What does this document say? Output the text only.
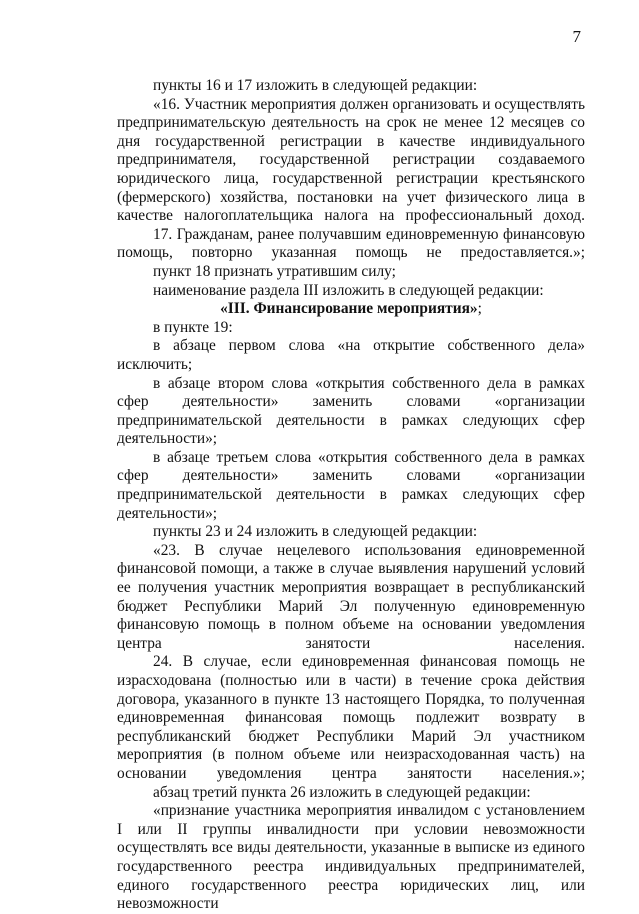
7

пункты 16 и 17 изложить в следующей редакции:

«16. Участник мероприятия должен организовать и осуществлять предпринимательскую деятельность на срок не менее 12 месяцев со дня государственной регистрации в качестве индивидуального предпринимателя, государственной регистрации создаваемого юридического лица, государственной регистрации крестьянского (фермерского) хозяйства, постановки на учет физического лица в качестве налогоплательщика налога на профессиональный доход.

17. Гражданам, ранее получавшим единовременную финансовую помощь, повторно указанная помощь не предоставляется.»;

пункт 18 признать утратившим силу;

наименование раздела III изложить в следующей редакции:

«III. Финансирование мероприятия»;

в пункте 19:

в абзаце первом слова «на открытие собственного дела» исключить;

в абзаце втором слова «открытия собственного дела в рамках сфер деятельности» заменить словами «организации предпринимательской деятельности в рамках следующих сфер деятельности»;

в абзаце третьем слова «открытия собственного дела в рамках сфер деятельности» заменить словами «организации предпринимательской деятельности в рамках следующих сфер деятельности»;

пункты 23 и 24 изложить в следующей редакции:

«23. В случае нецелевого использования единовременной финансовой помощи, а также в случае выявления нарушений условий ее получения участник мероприятия возвращает в республиканский бюджет Республики Марий Эл полученную единовременную финансовую помощь в полном объеме на основании уведомления центра занятости населения.

24. В случае, если единовременная финансовая помощь не израсходована (полностью или в части) в течение срока действия договора, указанного в пункте 13 настоящего Порядка, то полученная единовременная финансовая помощь подлежит возврату в республиканский бюджет Республики Марий Эл участником мероприятия (в полном объеме или неизрасходованная часть) на основании уведомления центра занятости населения.»;

абзац третий пункта 26 изложить в следующей редакции:

«признание участника мероприятия инвалидом с установлением I или II группы инвалидности при условии невозможности осуществлять все виды деятельности, указанные в выписке из единого государственного реестра индивидуальных предпринимателей, единого государственного реестра юридических лиц, или невозможности
